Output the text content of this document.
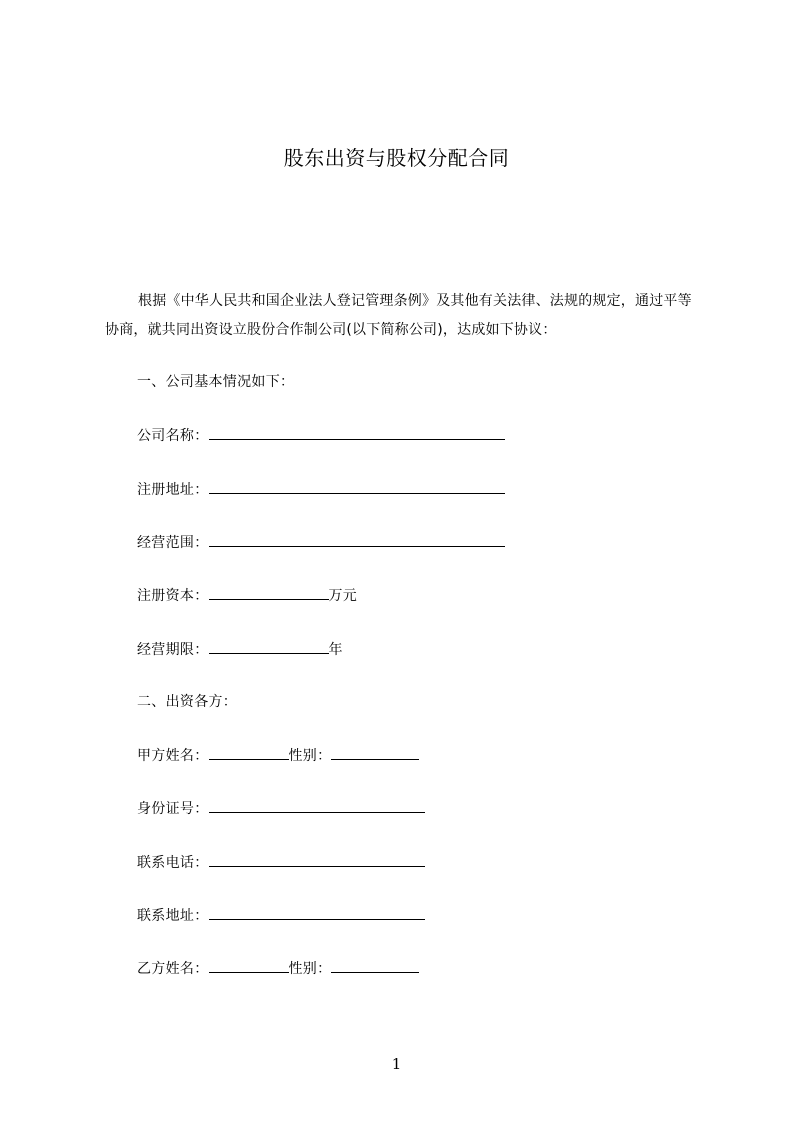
股东出资与股权分配合同

根据《中华人民共和国企业法人登记管理条例》及其他有关法律、法规的规定，通过平等协商，就共同出资设立股份合作制公司(以下简称公司)，达成如下协议：

一、公司基本情况如下：
公司名称：
注册地址：
经营范围：
注册资本：	万元
经营期限：	年
二、出资各方：
甲方姓名：	性别：
身份证号：
联系电话：
联系地址：
乙方姓名：	性别：
1
